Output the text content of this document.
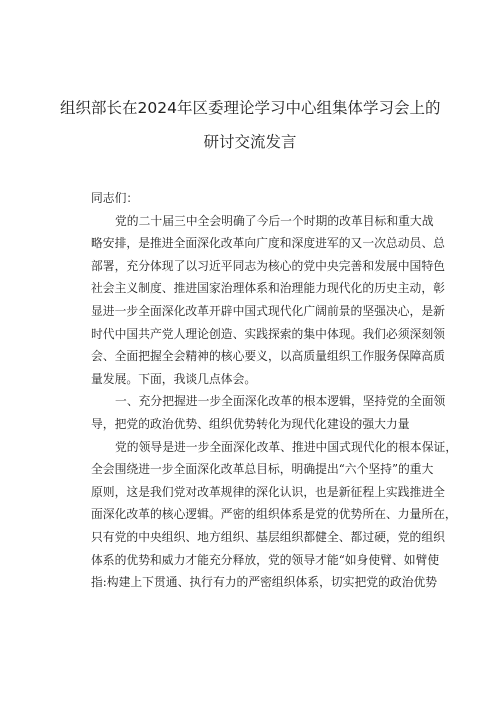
组织部长在2024年区委理论学习中心组集体学习会上的
研讨交流发言
同志们：
党的二十届三中全会明确了今后一个时期的改革目标和重大战
略安排，是推进全面深化改革向广度和深度进军的又一次总动员、总
部署，充分体现了以习近平同志为核心的党中央完善和发展中国特色
社会主义制度、推进国家治理体系和治理能力现代化的历史主动，彰
显进一步全面深化改革开辟中国式现代化广阔前景的坚强决心，是新
时代中国共产党人理论创造、实践探索的集中体现。我们必须深刻领
会、全面把握全会精神的核心要义，以高质量组织工作服务保障高质
量发展。下面，我谈几点体会。
一、充分把握进一步全面深化改革的根本逻辑，坚持党的全面领
导，把党的政治优势、组织优势转化为现代化建设的强大力量
党的领导是进一步全面深化改革、推进中国式现代化的根本保证，
全会围绕进一步全面深化改革总目标，明确提出“六个坚持”的重大
原则，这是我们党对改革规律的深化认识，也是新征程上实践推进全
面深化改革的核心逻辑。严密的组织体系是党的优势所在、力量所在，
只有党的中央组织、地方组织、基层组织都健全、都过硬，党的组织
体系的优势和威力才能充分释放，党的领导才能“如身使臂、如臂使
指:构建上下贯通、执行有力的严密组织体系，切实把党的政治优势
